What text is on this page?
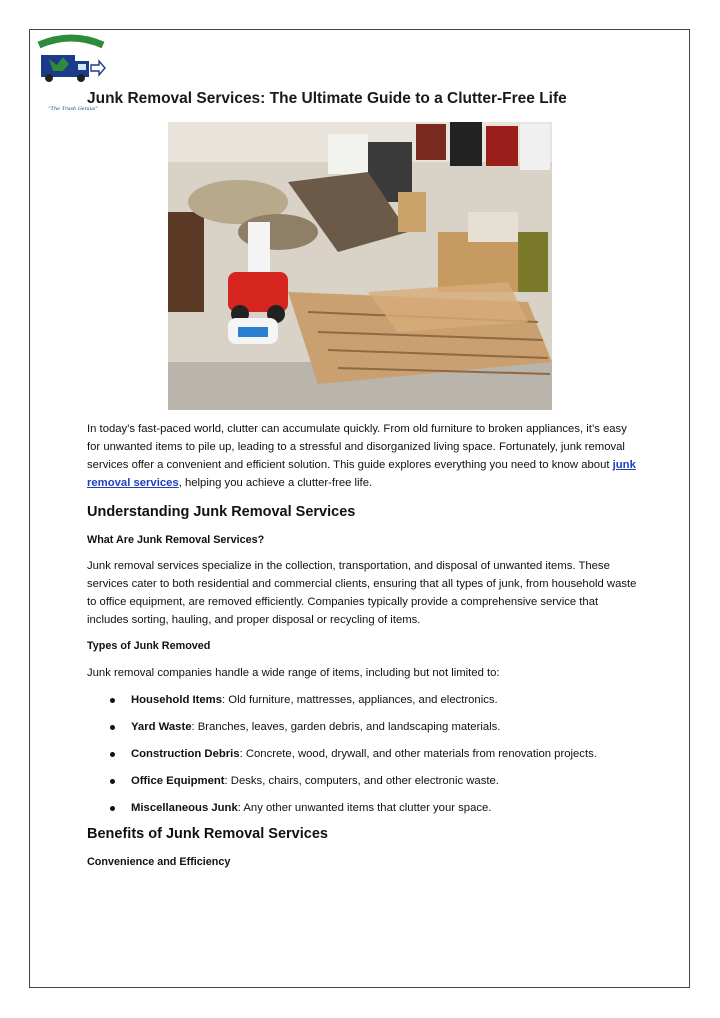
"The Trash Genius"
Junk Removal Services: The Ultimate Guide to a Clutter-Free Life

In today's fast-paced world, clutter can accumulate quickly. From old furniture to broken appliances, it’s easy for unwanted items to pile up, leading to a stressful and disorganized living space. Fortunately, junk removal services offer a convenient and efficient solution. This guide explores everything you need to know about junk removal services, helping you achieve a clutter-free life.

Understanding Junk Removal Services
What Are Junk Removal Services?

Junk removal services specialize in the collection, transportation, and disposal of unwanted items. These services cater to both residential and commercial clients, ensuring that all types of junk, from household waste to office equipment, are removed efficiently. Companies typically provide a comprehensive service that includes sorting, hauling, and proper disposal or recycling of items.

Types of Junk Removed

Junk removal companies handle a wide range of items, including but not limited to:

Household Items: Old furniture, mattresses, appliances, and electronics.
Yard Waste: Branches, leaves, garden debris, and landscaping materials.
Construction Debris: Concrete, wood, drywall, and other materials from renovation projects.
Office Equipment: Desks, chairs, computers, and other electronic waste.
Miscellaneous Junk: Any other unwanted items that clutter your space.
Benefits of Junk Removal Services
Convenience and Efficiency
